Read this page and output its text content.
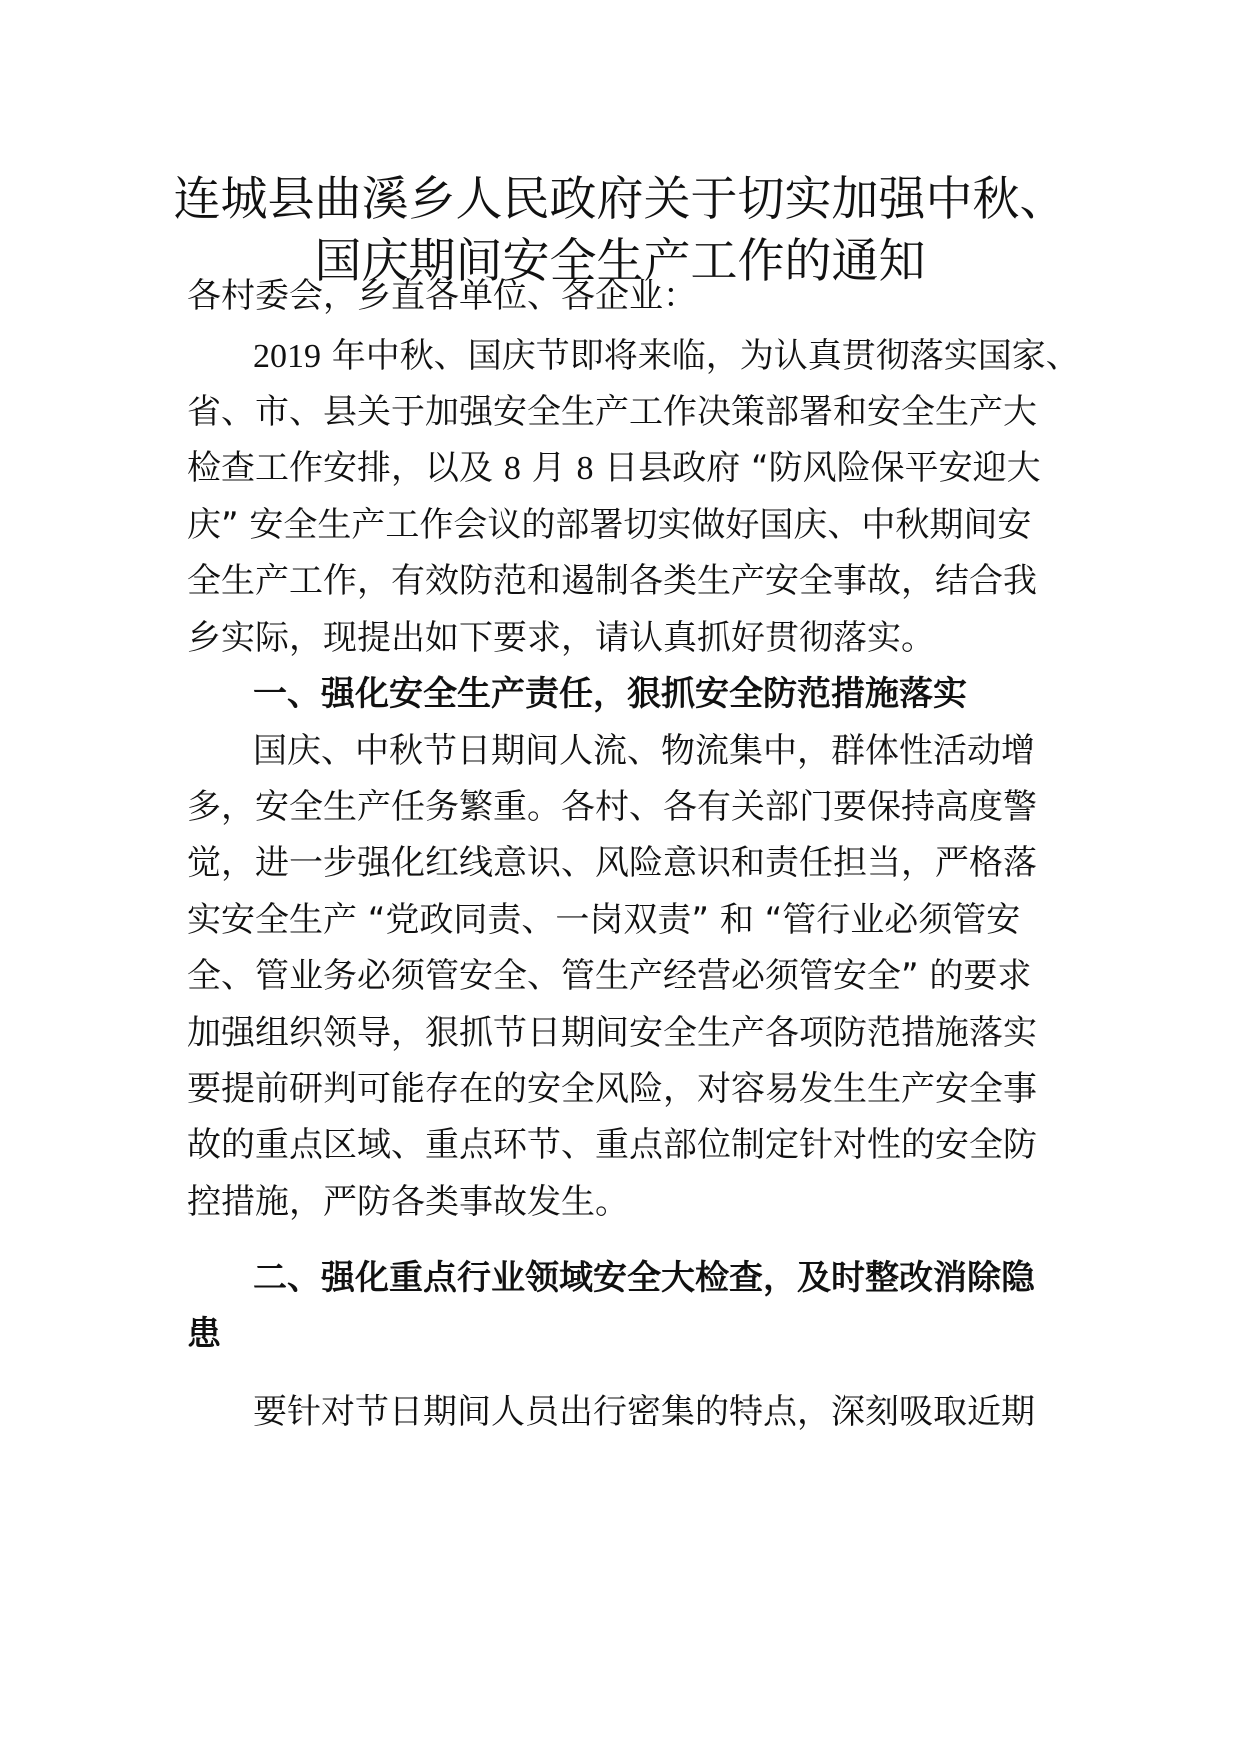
连城县曲溪乡人民政府关于切实加强中秋、
国庆期间安全生产工作的通知

各村委会，乡直各单位、各企业：

2019 年中秋、国庆节即将来临，为认真贯彻落实国家、

省、市、县关于加强安全生产工作决策部署和安全生产大

检查工作安排，以及 8 月 8 日县政府 “防风险保平安迎大

庆” 安全生产工作会议的部署切实做好国庆、中秋期间安

全生产工作，有效防范和遏制各类生产安全事故，结合我

乡实际，现提出如下要求，请认真抓好贯彻落实。

一、强化安全生产责任，狠抓安全防范措施落实

国庆、中秋节日期间人流、物流集中，群体性活动增

多，安全生产任务繁重。各村、各有关部门要保持高度警

觉，进一步强化红线意识、风险意识和责任担当，严格落

实安全生产 “党政同责、一岗双责” 和 “管行业必须管安

全、管业务必须管安全、管生产经营必须管安全” 的要求

加强组织领导，狠抓节日期间安全生产各项防范措施落实

要提前研判可能存在的安全风险，对容易发生生产安全事

故的重点区域、重点环节、重点部位制定针对性的安全防

控措施，严防各类事故发生。

二、强化重点行业领域安全大检查，及时整改消除隐

患

要针对节日期间人员出行密集的特点，深刻吸取近期
